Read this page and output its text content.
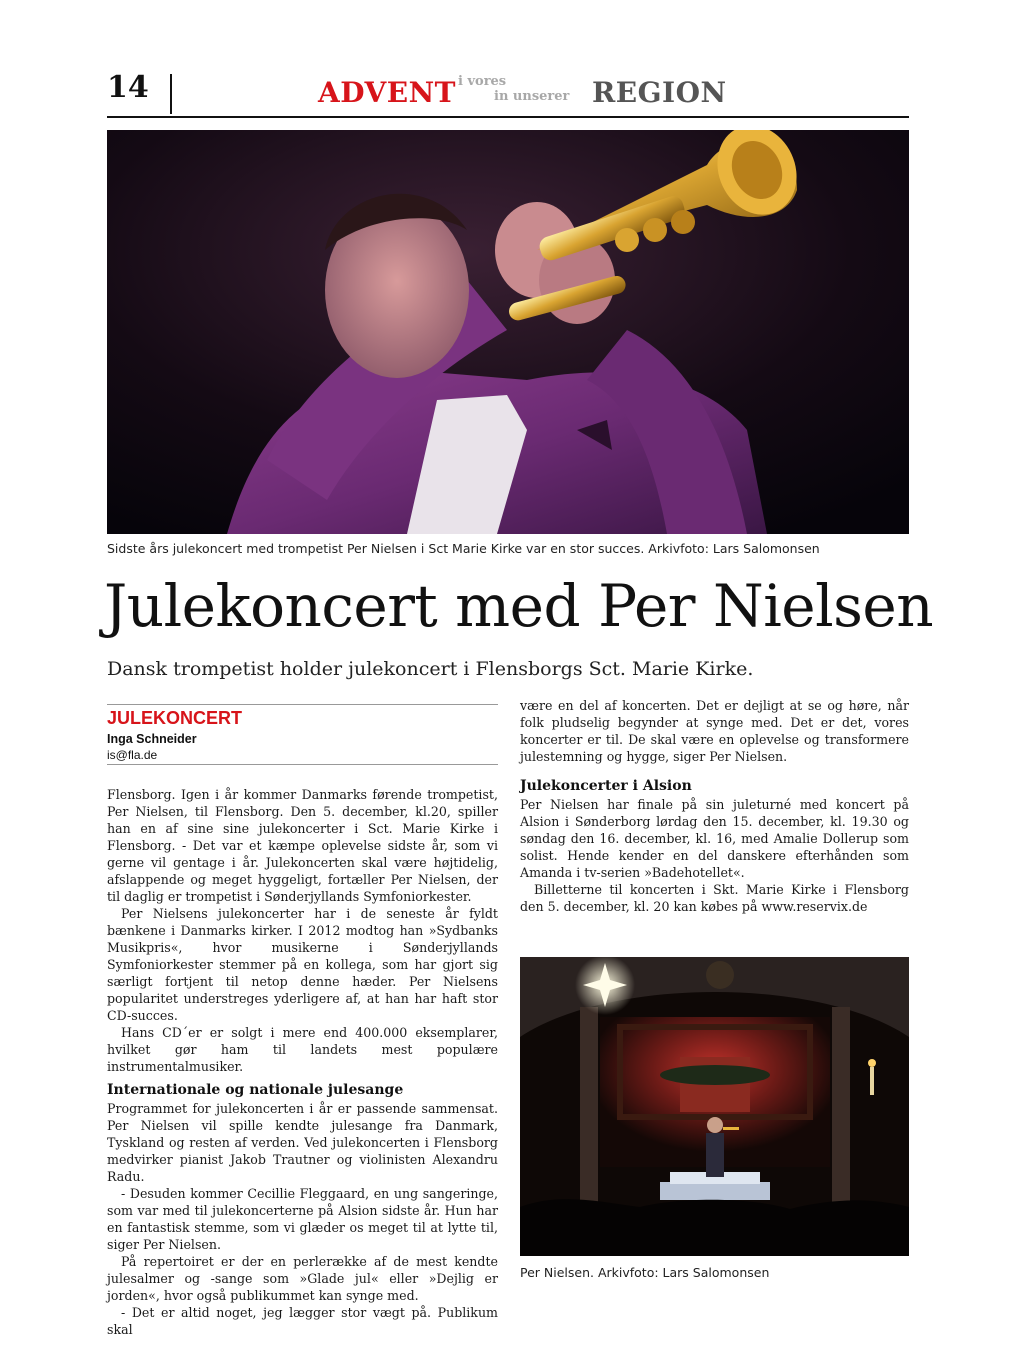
14	ADVENT i vores
in unserer REGION
Sidste års julekoncert med trompetist Per Nielsen i Sct Marie Kirke var en stor succes. Arkivfoto: Lars Salomonsen
Julekoncert med Per Nielsen
Dansk trompetist holder julekoncert i Flensborgs Sct. Marie Kirke.
JULEKONCERT
Inga Schneider
is@fla.de

Flensborg. Igen i år kommer Danmarks førende trompetist, Per Nielsen, til Flensborg. Den 5. december, kl.20, spiller han en af sine sine julekoncerter i Sct. Marie Kirke i Flensborg. - Det var et kæmpe oplevelse sidste år, som vi gerne vil gentage i år. Julekoncerten skal være højtidelig, afslappende og meget hyggeligt, fortæller Per Nielsen, der til daglig er trompetist i Sønderjyllands Symfoniorkester.

Per Nielsens julekoncerter har i de seneste år fyldt bænkene i Danmarks kirker. I 2012 modtog han »Sydbanks Musikpris«, hvor musikerne i Sønderjyllands Symfoniorkester stemmer på en kollega, som har gjort sig særligt fortjent til netop denne hæder. Per Nielsens popularitet understreges yderligere af, at han har haft stor CD-succes.

Hans CD´er er solgt i mere end 400.000 eksemplarer, hvilket gør ham til landets mest populære instrumentalmusiker.

Internationale og nationale julesange

Programmet for julekoncerten i år er passende sammensat. Per Nielsen vil spille kendte julesange fra Danmark, Tyskland og resten af verden. Ved julekoncerten i Flensborg medvirker pianist Jakob Trautner og violinisten Alexandru Radu.

- Desuden kommer Cecillie Fleggaard, en ung sangeringe, som var med til julekoncerterne på Alsion sidste år. Hun har en fantastisk stemme, som vi glæder os meget til at lytte til, siger Per Nielsen.

På repertoiret er der en perlerække af de mest kendte julesalmer og -sange som »Glade jul« eller »Dejlig er jorden«, hvor også publikummet kan synge med.

- Det er altid noget, jeg lægger stor vægt på. Publikum skal

være en del af koncerten. Det er dejligt at se og høre, når folk pludselig begynder at synge med. Det er det, vores koncerter er til. De skal være en oplevelse og transformere julestemning og hygge, siger Per Nielsen.

Julekoncerter i Alsion

Per Nielsen har finale på sin juleturné med koncert på Alsion i Sønderborg lørdag den 15. december, kl. 19.30 og søndag den 16. december, kl. 16, med Amalie Dollerup som solist. Hende kender en del danskere efterhånden som Amanda i tv-serien »Badehotellet«.

Billetterne til koncerten i Skt. Marie Kirke i Flensborg den 5. december, kl. 20 kan købes på www.reservix.de

Per Nielsen. Arkivfoto: Lars Salomonsen
